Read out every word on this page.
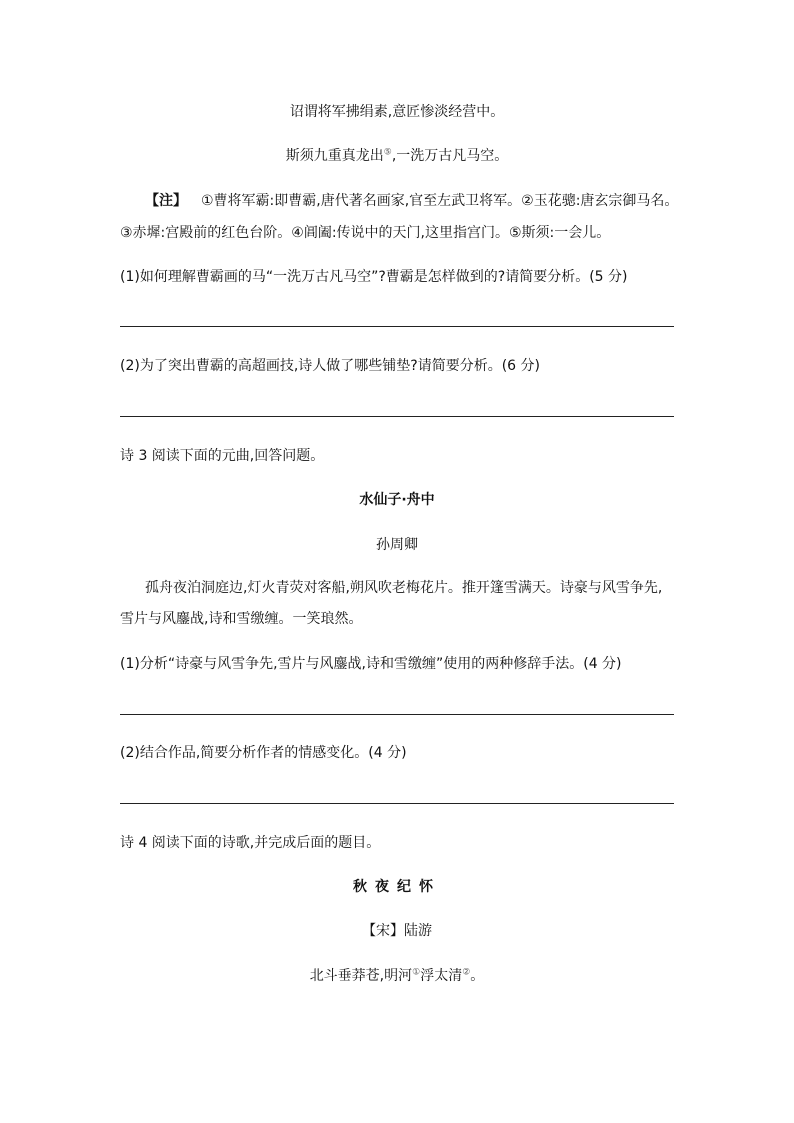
诏谓将军拂绢素,意匠惨淡经营中。
斯须九重真龙出⑤,一洗万古凡马空。
【注】 ①曹将军霸:即曹霸,唐代著名画家,官至左武卫将军。②玉花骢:唐玄宗御马名。
③赤墀:宫殿前的红色台阶。④阊阖:传说中的天门,这里指宫门。⑤斯须:一会儿。
(1)如何理解曹霸画的马“一洗万古凡马空”?曹霸是怎样做到的?请简要分析。(5 分)
(2)为了突出曹霸的高超画技,诗人做了哪些铺垫?请简要分析。(6 分)
诗 3 阅读下面的元曲,回答问题。
水仙子·舟中
孙周卿
孤舟夜泊洞庭边,灯火青荧对客船,朔风吹老梅花片。推开篷雪满天。诗豪与风雪争先,
雪片与风鏖战,诗和雪缴缠。一笑琅然。
(1)分析“诗豪与风雪争先,雪片与风鏖战,诗和雪缴缠”使用的两种修辞手法。(4 分)
(2)结合作品,简要分析作者的情感变化。(4 分)
诗 4 阅读下面的诗歌,并完成后面的题目。
秋夜纪怀
【宋】陆游
北斗垂莽苍,明河①浮太清②。
